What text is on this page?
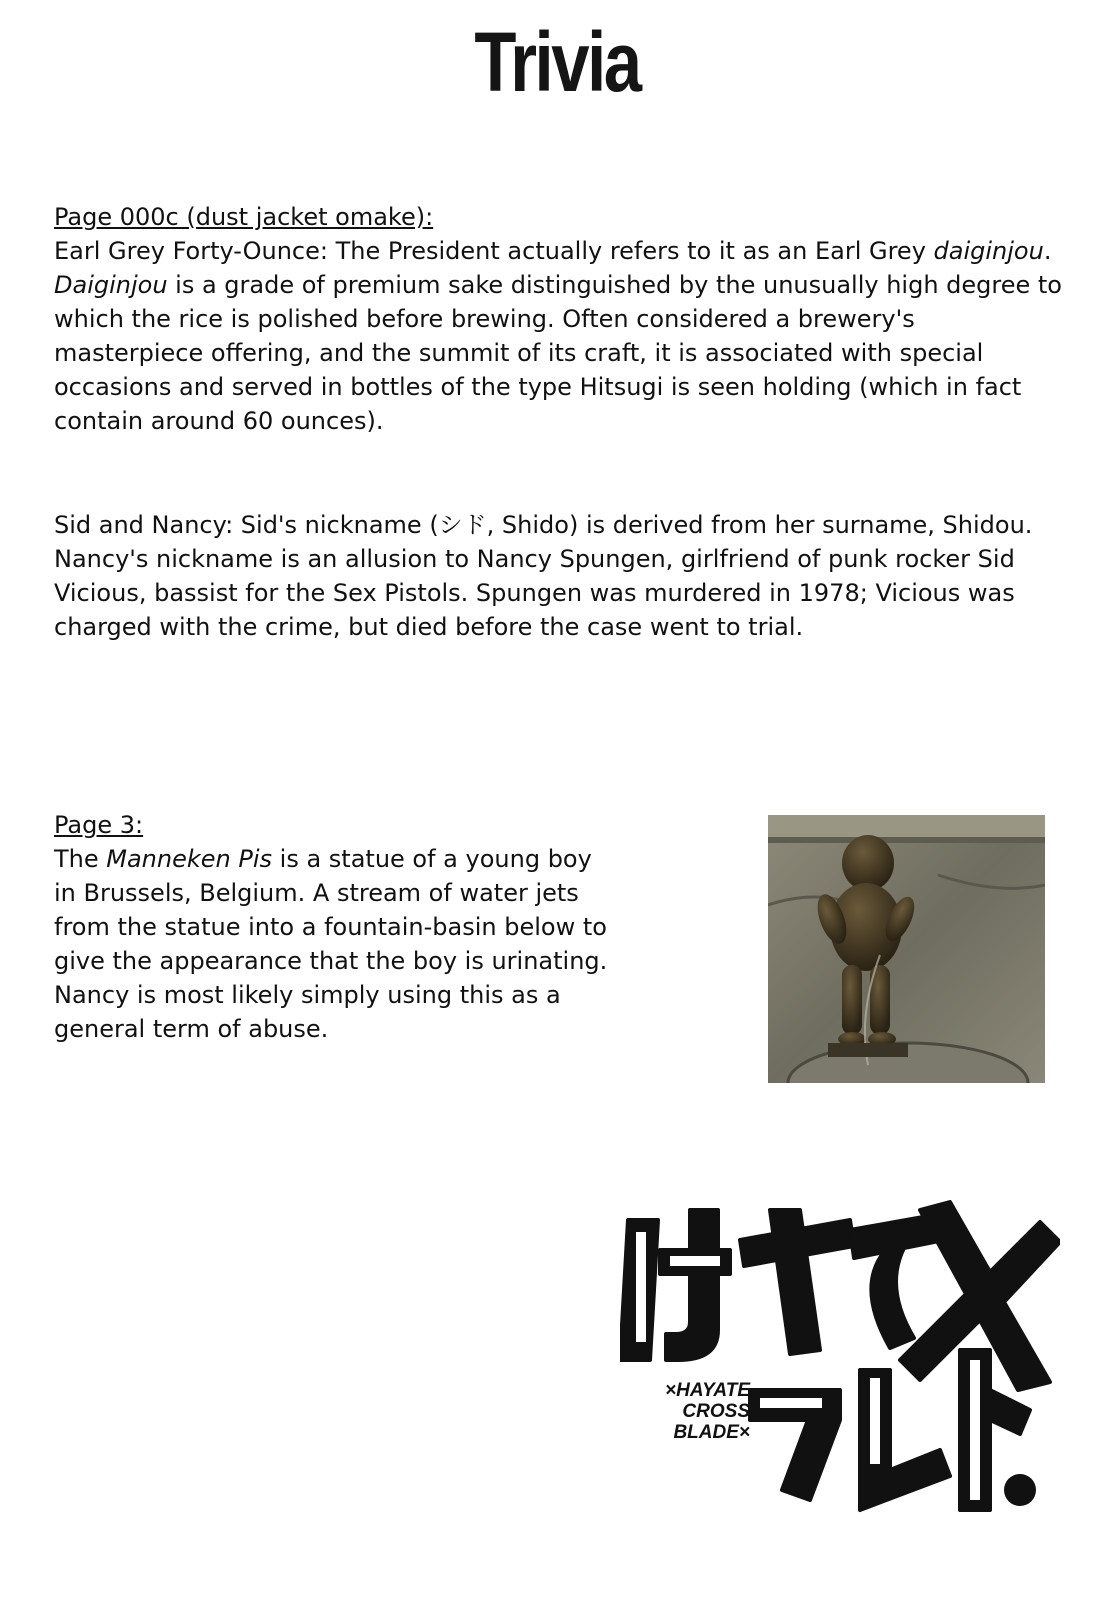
Trivia
Page 000c (dust jacket omake):

Earl Grey Forty-Ounce: The President actually refers to it as an Earl Grey daiginjou. Daiginjou is a grade of premium sake distinguished by the unusually high degree to which the rice is polished before brewing. Often considered a brewery's masterpiece offering, and the summit of its craft, it is associated with special occasions and served in bottles of the type Hitsugi is seen holding (which in fact contain around 60 ounces).

Sid and Nancy: Sid's nickname (シド, Shido) is derived from her surname, Shidou. Nancy's nickname is an allusion to Nancy Spungen, girlfriend of punk rocker Sid Vicious, bassist for the Sex Pistols. Spungen was murdered in 1978; Vicious was charged with the crime, but died before the case went to trial.

Page 3:

The Manneken Pis is a statue of a young boy in Brussels, Belgium. A stream of water jets from the statue into a fountain-basin below to give the appearance that the boy is urinating. Nancy is most likely simply using this as a general term of abuse.

×HAYATE
CROSS
BLADE×
